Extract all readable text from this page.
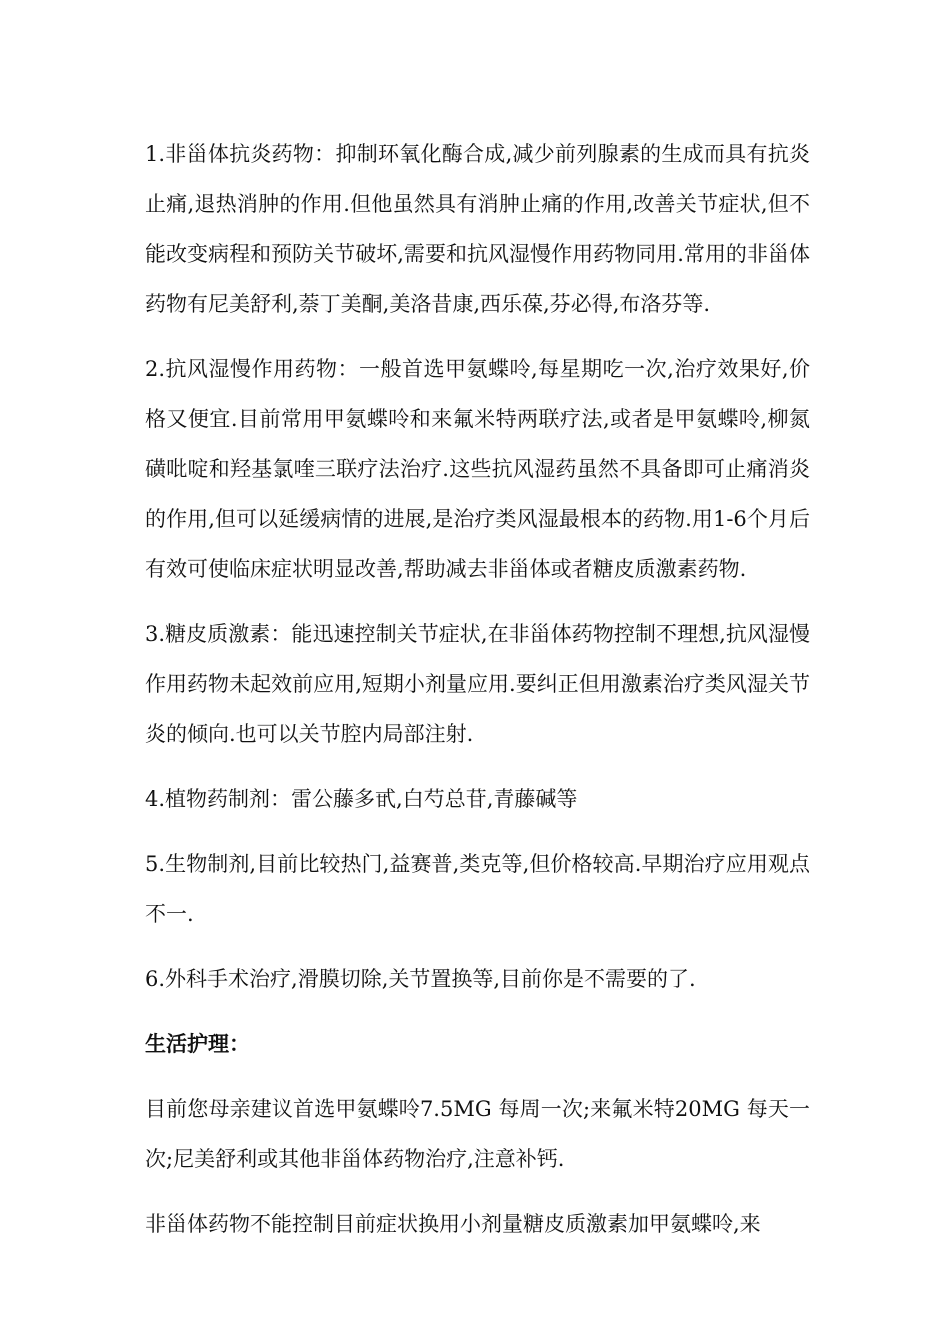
1.非甾体抗炎药物：抑制环氧化酶合成,减少前列腺素的生成而具有抗炎止痛,退热消肿的作用.但他虽然具有消肿止痛的作用,改善关节症状,但不能改变病程和预防关节破坏,需要和抗风湿慢作用药物同用.常用的非甾体药物有尼美舒利,萘丁美酮,美洛昔康,西乐葆,芬必得,布洛芬等.

2.抗风湿慢作用药物：一般首选甲氨蝶呤,每星期吃一次,治疗效果好,价格又便宜.目前常用甲氨蝶呤和来氟米特两联疗法,或者是甲氨蝶呤,柳氮磺吡啶和羟基氯喹三联疗法治疗.这些抗风湿药虽然不具备即可止痛消炎的作用,但可以延缓病情的进展,是治疗类风湿最根本的药物.用1-6个月后有效可使临床症状明显改善,帮助减去非甾体或者糖皮质激素药物.

3.糖皮质激素：能迅速控制关节症状,在非甾体药物控制不理想,抗风湿慢作用药物未起效前应用,短期小剂量应用.要纠正但用激素治疗类风湿关节炎的倾向.也可以关节腔内局部注射.

4.植物药制剂：雷公藤多甙,白芍总苷,青藤碱等

5.生物制剂,目前比较热门,益赛普,类克等,但价格较高.早期治疗应用观点不一.

6.外科手术治疗,滑膜切除,关节置换等,目前你是不需要的了.

生活护理：

目前您母亲建议首选甲氨蝶呤7.5MG 每周一次;来氟米特20MG 每天一次;尼美舒利或其他非甾体药物治疗,注意补钙.

非甾体药物不能控制目前症状换用小剂量糖皮质激素加甲氨蝶呤,来
